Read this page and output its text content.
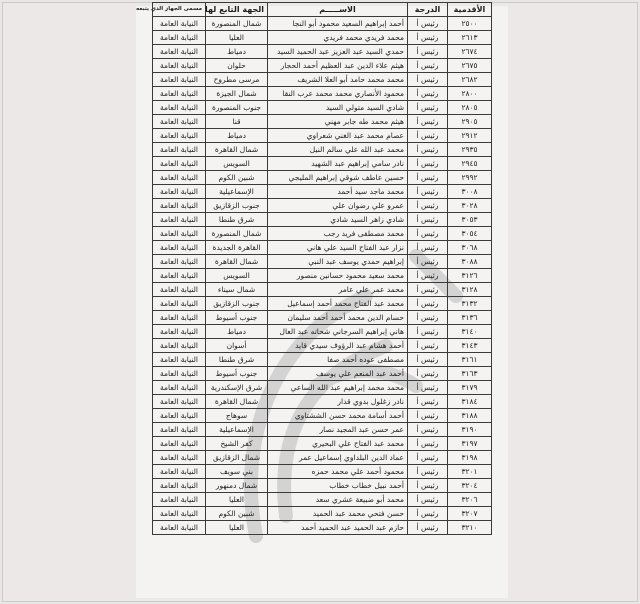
الأقدمية	الدرجة	الاســـــم	الجهة التابع لها	مسمى الجهاز الذي يتبعه
٢٥٠٠	رئيس أ	أحمد إبراهيم السعيد محمود أبو النجا	شمال المنصورة	النيابة العامة
٢٦١٣	رئيس أ	محمد فريدي محمد فريدي	العليا	النيابة العامة
٢٦٧٤	رئيس أ	حمدي السيد عبد العزيز عبد الحميد السيد	دمياط	النيابة العامة
٢٦٧٥	رئيس أ	هيثم علاء الدين عبد العظيم أحمد الحجار	حلوان	النيابة العامة
٢٦٨٢	رئيس أ	محمد محمد حامد أبو العلا الشريف	مرسى مطروح	النيابة العامة
٢٨٠٠	رئيس أ	محمود الأنصاري محمد محمد عرب النقا	شمال الجيزة	النيابة العامة
٢٨٠٥	رئيس أ	شادي السيد متولي السيد	جنوب المنصورة	النيابة العامة
٢٩٠٥	رئيس أ	هيثم محمد طه جابر مهني	قنا	النيابة العامة
٢٩١٢	رئيس أ	عصام محمد عبد الغني شعراوي	دمياط	النيابة العامة
٢٩٣٥	رئيس أ	محمد عبد الله علي سالم النيل	شمال القاهرة	النيابة العامة
٢٩٤٥	رئيس أ	نادر سامي إبراهيم عبد الشهيد	السويس	النيابة العامة
٢٩٩٢	رئيس أ	حسين عاطف شوقي إبراهيم المليجي	شبين الكوم	النيابة العامة
٣٠٠٨	رئيس أ	محمد ماجد سيد أحمد	الإسماعيلية	النيابة العامة
٣٠٢٨	رئيس أ	عمرو علي رضوان علي	جنوب الزقازيق	النيابة العامة
٣٠٥٣	رئيس أ	شادي زاهر السيد شادي	شرق طنطا	النيابة العامة
٣٠٥٤	رئيس أ	محمد مصطفى فريد رجب	شمال المنصورة	النيابة العامة
٣٠٦٨	رئيس أ	نزار عبد الفتاح السيد علي هاني	القاهرة الجديدة	النيابة العامة
٣٠٨٨	رئيس أ	إبراهيم حمدي يوسف عبد النبي	شمال القاهرة	النيابة العامة
٣١٢٦	رئيس أ	محمد سعيد محمود حسانين منصور	السويس	النيابة العامة
٣١٢٨	رئيس أ	محمد عمر علي عامر	شمال سيناء	النيابة العامة
٣١٣٢	رئيس أ	محمد عبد الفتاح محمد أحمد إسماعيل	جنوب الزقازيق	النيابة العامة
٣١٣٦	رئيس أ	حسام الدين محمد أحمد أحمد سليمان	جنوب أسيوط	النيابة العامة
٣١٤٠	رئيس أ	هاني إبراهيم السرجاني شحاته عبد العال	دمياط	النيابة العامة
٣١٤٣	رئيس أ	أحمد هشام عبد الرؤوف سيدي قايد	أسوان	النيابة العامة
٣١٦١	رئيس أ	مصطفى عوده أحمد صفا	شرق طنطا	النيابة العامة
٣١٦٣	رئيس أ	أحمد عبد المنعم علي يوسف	جنوب أسيوط	النيابة العامة
٣١٧٩	رئيس أ	محمد محمد إبراهيم عبد الله الساعي	شرق الإسكندرية	النيابة العامة
٣١٨٤	رئيس أ	نادر زغلول بدوي قدار	شمال القاهرة	النيابة العامة
٣١٨٨	رئيس أ	أحمد أسامة محمد حسن الششتاوي	سوهاج	النيابة العامة
٣١٩٠	رئيس أ	عمر حسن عبد المجيد نصار	الإسماعيلية	النيابة العامة
٣١٩٧	رئيس أ	محمد عبد الفتاح علي البحيري	كفر الشيخ	النيابة العامة
٣١٩٨	رئيس أ	عماد الدين البلداوي إسماعيل عمر	شمال الزقازيق	النيابة العامة
٣٢٠١	رئيس أ	محمود أحمد علي محمد حمزه	بني سويف	النيابة العامة
٣٢٠٤	رئيس أ	أحمد نبيل خطاب خطاب	شمال دمنهور	النيابة العامة
٣٢٠٦	رئيس أ	محمد أبو ضبيعة عشري سعد	العليا	النيابة العامة
٣٢٠٧	رئيس أ	حسن فتحي محمد عبد الحميد	شبين الكوم	النيابة العامة
٣٢١٠	رئيس أ	حازم عبد الحميد عبد الحميد أحمد	العليا	النيابة العامة
